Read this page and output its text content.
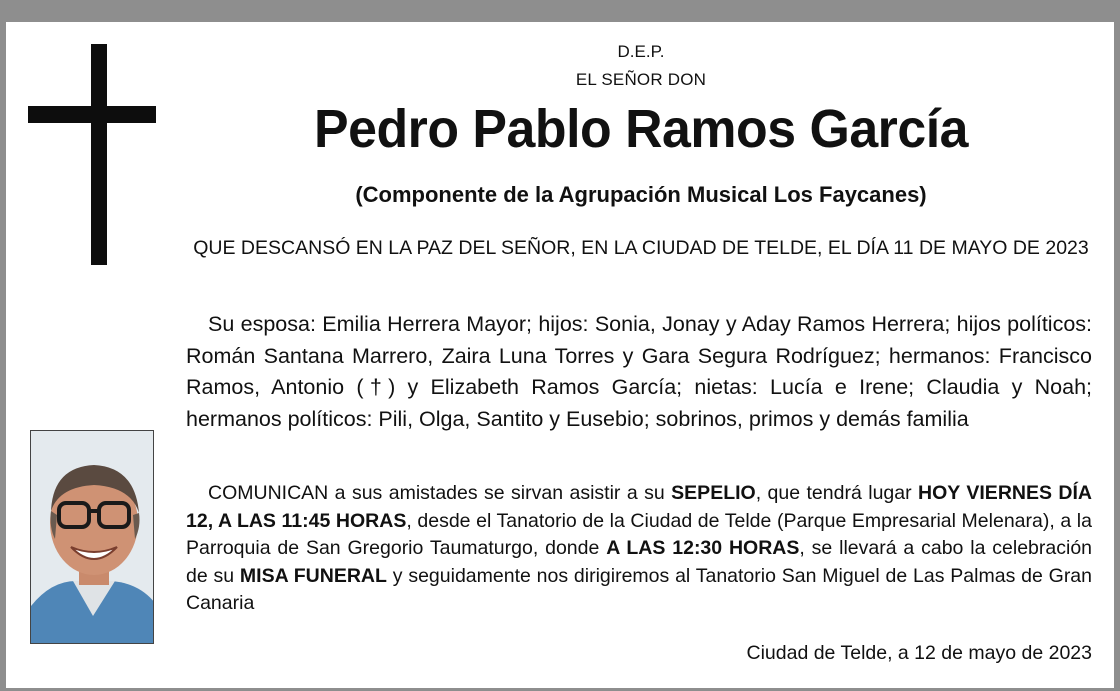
D.E.P.
EL SEÑOR DON
Pedro Pablo Ramos García
(Componente de la Agrupación Musical Los Faycanes)
QUE DESCANSÓ EN LA PAZ DEL SEÑOR, EN LA CIUDAD DE TELDE, EL DÍA 11 DE MAYO DE 2023

Su esposa: Emilia Herrera Mayor; hijos: Sonia, Jonay y Aday Ramos Herrera; hijos políticos: Román Santana Marrero, Zaira Luna Torres y Gara Segura Rodríguez; hermanos: Francisco Ramos, Antonio (†) y Elizabeth Ramos García; nietas: Lucía e Irene; Claudia y Noah; hermanos políticos: Pili, Olga, Santito y Eusebio; sobrinos, primos y demás familia

COMUNICAN a sus amistades se sirvan asistir a su SEPELIO, que tendrá lugar HOY VIERNES DÍA 12, A LAS 11:45 HORAS, desde el Tanatorio de la Ciudad de Telde (Parque Empresarial Melenara), a la Parroquia de San Gregorio Taumaturgo, donde A LAS 12:30 HORAS, se llevará a cabo la celebración de su MISA FUNERAL y seguidamente nos dirigiremos al Tanatorio San Miguel de Las Palmas de Gran Canaria

Ciudad de Telde, a 12 de mayo de 2023
